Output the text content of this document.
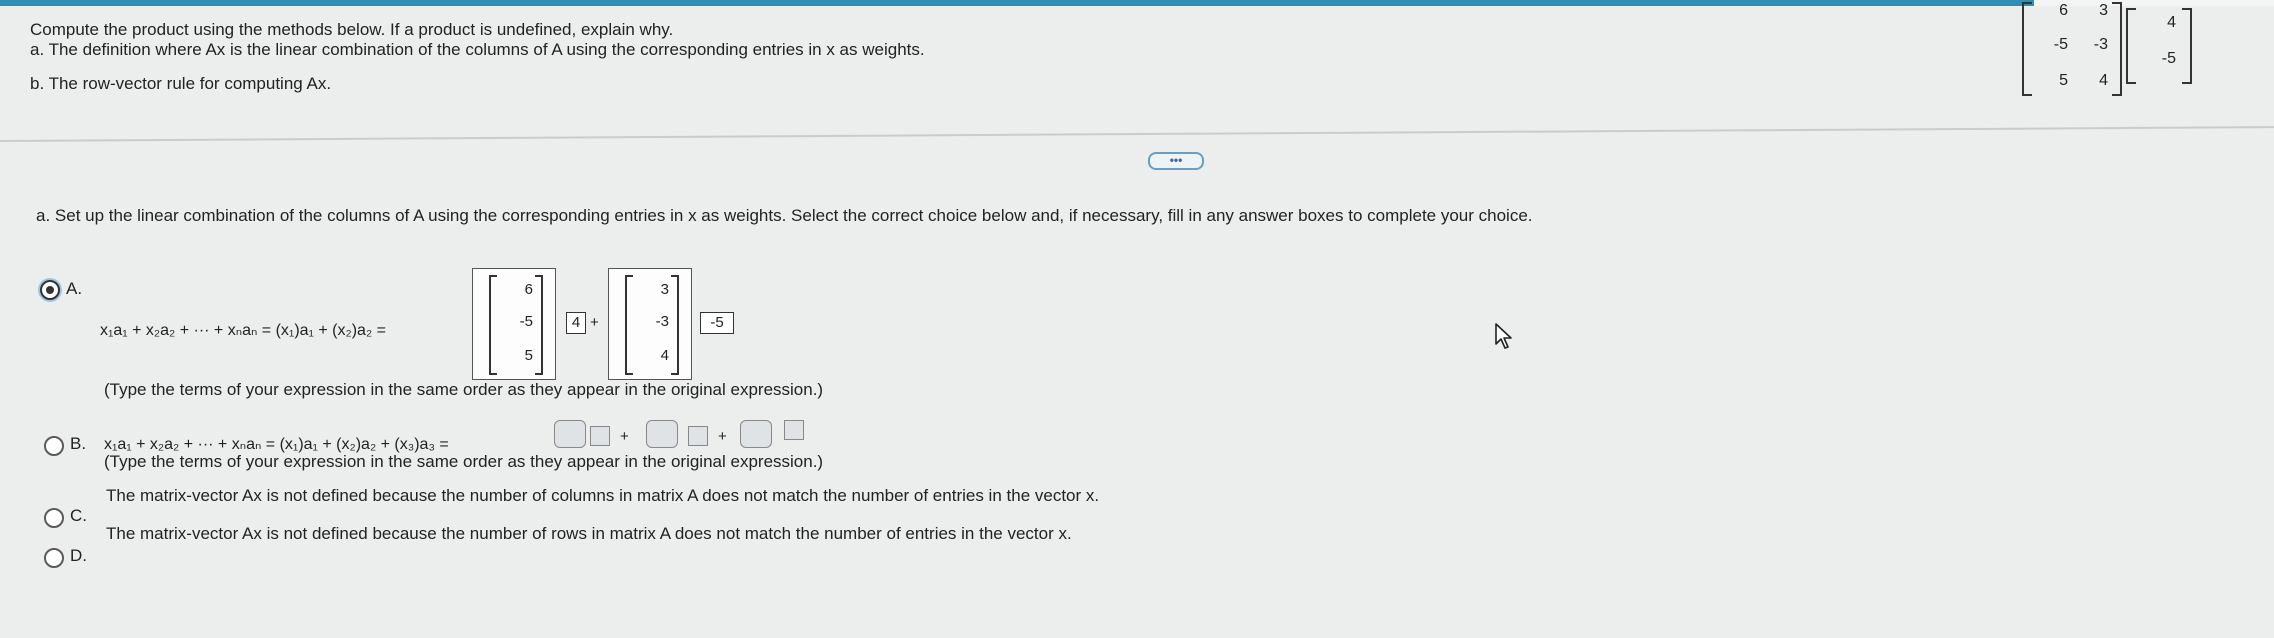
Compute the product using the methods below. If a product is undefined, explain why.
a. The definition where Ax is the linear combination of the columns of A using the corresponding entries in x as weights.
b. The row-vector rule for computing Ax.
6	3
-5	-3
5	4
4
-5
•••
a. Set up the linear combination of the columns of A using the corresponding entries in x as weights. Select the correct choice below and, if necessary, fill in any answer boxes to complete your choice.
A.
x₁a₁ + x₂a₂ + ··· + xₙaₙ = (x₁)a₁ + (x₂)a₂ =
6
-5
5
4 +
3
-3
4
-5
(Type the terms of your expression in the same order as they appear in the original expression.)
B. x₁a₁ + x₂a₂ + ··· + xₙaₙ = (x₁)a₁ + (x₂)a₂ + (x₃)a₃ =	+	+
(Type the terms of your expression in the same order as they appear in the original expression.)
C.
The matrix-vector Ax is not defined because the number of columns in matrix A does not match the number of entries in the vector x.
D.
The matrix-vector Ax is not defined because the number of rows in matrix A does not match the number of entries in the vector x.
